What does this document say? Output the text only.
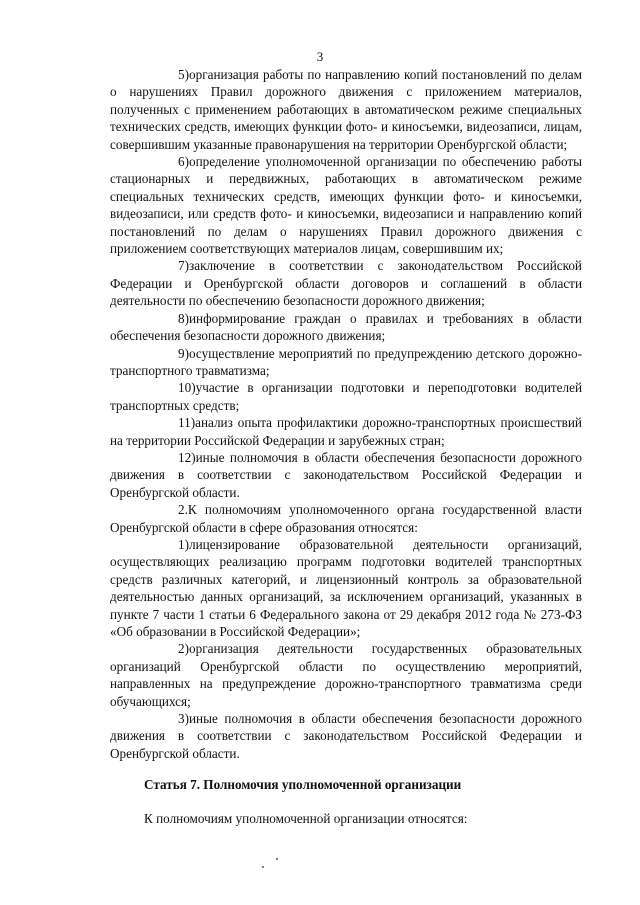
3

5)организация работы по направлению копий постановлений по делам о нарушениях Правил дорожного движения с приложением материалов, полученных с применением работающих в автоматическом режиме специальных технических средств, имеющих функции фото- и киносъемки, видеозаписи, лицам, совершившим указанные правонарушения на территории Оренбургской области;

6)определение уполномоченной организации по обеспечению работы стационарных и передвижных, работающих в автоматическом режиме специальных технических средств, имеющих функции фото- и киносъемки, видеозаписи, или средств фото- и киносъемки, видеозаписи и направлению копий постановлений по делам о нарушениях Правил дорожного движения с приложением соответствующих материалов лицам, совершившим их;

7)заключение в соответствии с законодательством Российской Федерации и Оренбургской области договоров и соглашений в области деятельности по обеспечению безопасности дорожного движения;

8)информирование граждан о правилах и требованиях в области обеспечения безопасности дорожного движения;

9)осуществление мероприятий по предупреждению детского дорожно-транспортного травматизма;

10)участие в организации подготовки и переподготовки водителей транспортных средств;

11)анализ опыта профилактики дорожно-транспортных происшествий на территории Российской Федерации и зарубежных стран;

12)иные полномочия в области обеспечения безопасности дорожного движения в соответствии с законодательством Российской Федерации и Оренбургской области.

2.К полномочиям уполномоченного органа государственной власти Оренбургской области в сфере образования относятся:

1)лицензирование образовательной деятельности организаций, осуществляющих реализацию программ подготовки водителей транспортных средств различных категорий, и лицензионный контроль за образовательной деятельностью данных организаций, за исключением организаций, указанных в пункте 7 части 1 статьи 6 Федерального закона от 29 декабря 2012 года № 273-ФЗ «Об образовании в Российской Федерации»;

2)организация деятельности государственных образовательных организаций Оренбургской области по осуществлению мероприятий, направленных на предупреждение дорожно-транспортного травматизма среди обучающихся;

3)иные полномочия в области обеспечения безопасности дорожного движения в соответствии с законодательством Российской Федерации и Оренбургской области.

Статья 7. Полномочия уполномоченной организации

К полномочиям уполномоченной организации относятся:
